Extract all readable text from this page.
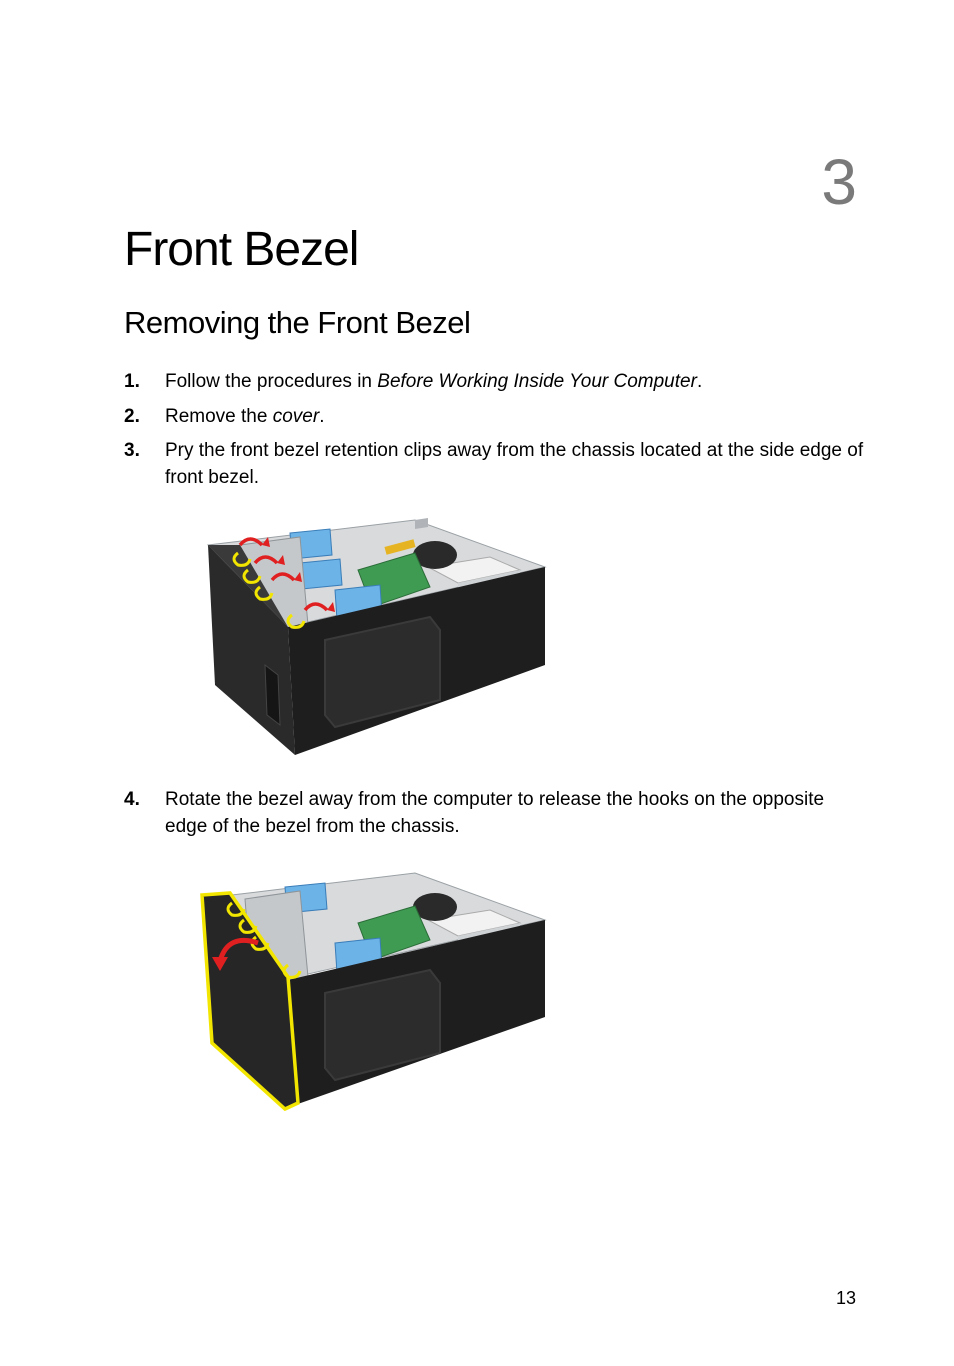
3
Front Bezel
Removing the Front Bezel
1. Follow the procedures in Before Working Inside Your Computer.
2. Remove the cover.
3. Pry the front bezel retention clips away from the chassis located at the side edge of front bezel.
4. Rotate the bezel away from the computer to release the hooks on the opposite edge of the bezel from the chassis.
13
